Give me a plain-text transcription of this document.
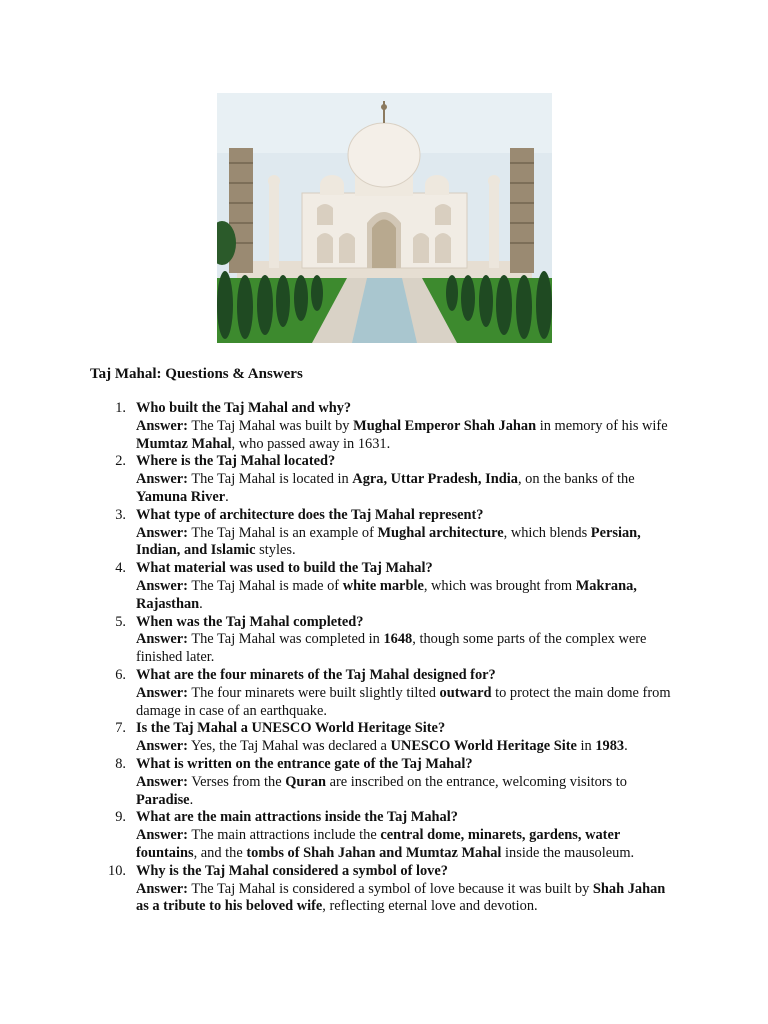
Taj Mahal: Questions & Answers
1. Who built the Taj Mahal and why?
Answer: The Taj Mahal was built by Mughal Emperor Shah Jahan in memory of his wife Mumtaz Mahal, who passed away in 1631.
2. Where is the Taj Mahal located?
Answer: The Taj Mahal is located in Agra, Uttar Pradesh, India, on the banks of the Yamuna River.
3. What type of architecture does the Taj Mahal represent?
Answer: The Taj Mahal is an example of Mughal architecture, which blends Persian, Indian, and Islamic styles.
4. What material was used to build the Taj Mahal?
Answer: The Taj Mahal is made of white marble, which was brought from Makrana, Rajasthan.
5. When was the Taj Mahal completed?
Answer: The Taj Mahal was completed in 1648, though some parts of the complex were finished later.
6. What are the four minarets of the Taj Mahal designed for?
Answer: The four minarets were built slightly tilted outward to protect the main dome from damage in case of an earthquake.
7. Is the Taj Mahal a UNESCO World Heritage Site?
Answer: Yes, the Taj Mahal was declared a UNESCO World Heritage Site in 1983.
8. What is written on the entrance gate of the Taj Mahal?
Answer: Verses from the Quran are inscribed on the entrance, welcoming visitors to Paradise.
9. What are the main attractions inside the Taj Mahal?
Answer: The main attractions include the central dome, minarets, gardens, water fountains, and the tombs of Shah Jahan and Mumtaz Mahal inside the mausoleum.
10. Why is the Taj Mahal considered a symbol of love?
Answer: The Taj Mahal is considered a symbol of love because it was built by Shah Jahan as a tribute to his beloved wife, reflecting eternal love and devotion.
